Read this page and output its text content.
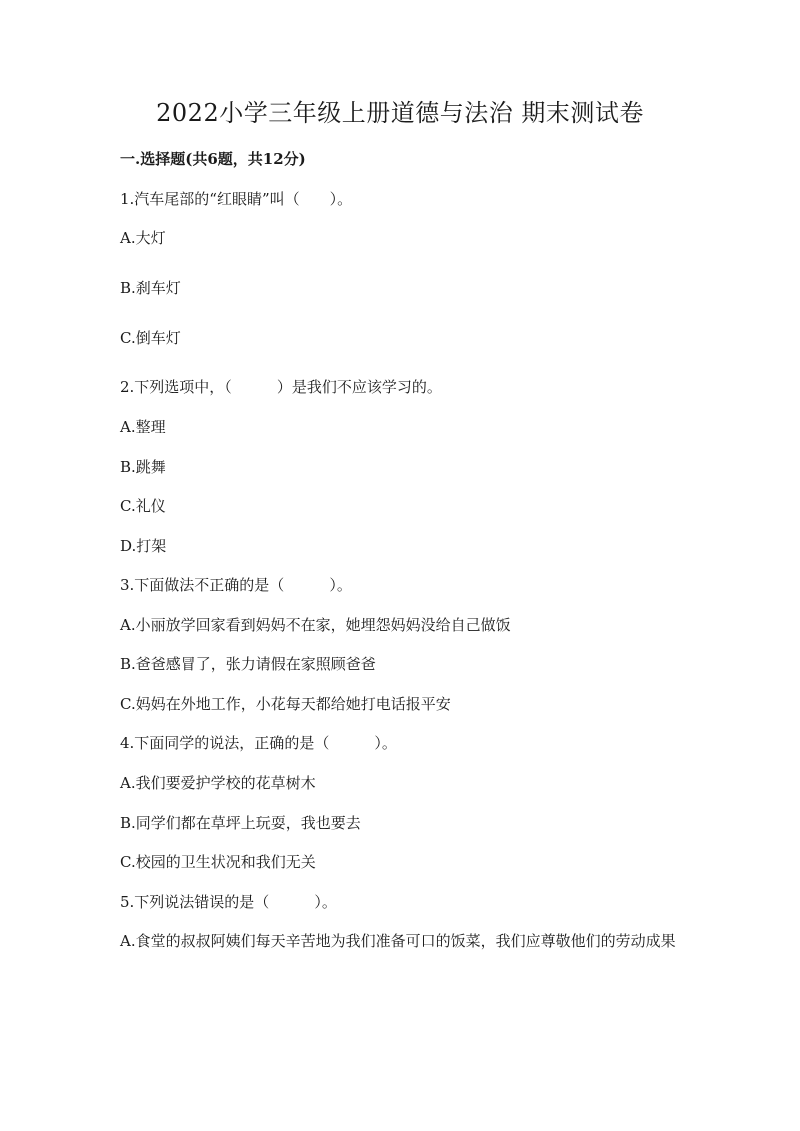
2022小学三年级上册道德与法治 期末测试卷
一.选择题(共6题，共12分)
1.汽车尾部的“红眼睛”叫（　　）。
A.大灯
B.刹车灯
C.倒车灯
2.下列选项中，（　　　）是我们不应该学习的。
A.整理
B.跳舞
C.礼仪
D.打架
3.下面做法不正确的是（　　　）。
A.小丽放学回家看到妈妈不在家，她埋怨妈妈没给自己做饭
B.爸爸感冒了，张力请假在家照顾爸爸
C.妈妈在外地工作，小花每天都给她打电话报平安
4.下面同学的说法，正确的是（　　　）。
A.我们要爱护学校的花草树木
B.同学们都在草坪上玩耍，我也要去
C.校园的卫生状况和我们无关
5.下列说法错误的是（　　　）。
A.食堂的叔叔阿姨们每天辛苦地为我们准备可口的饭菜，我们应尊敬他们的劳动成果
